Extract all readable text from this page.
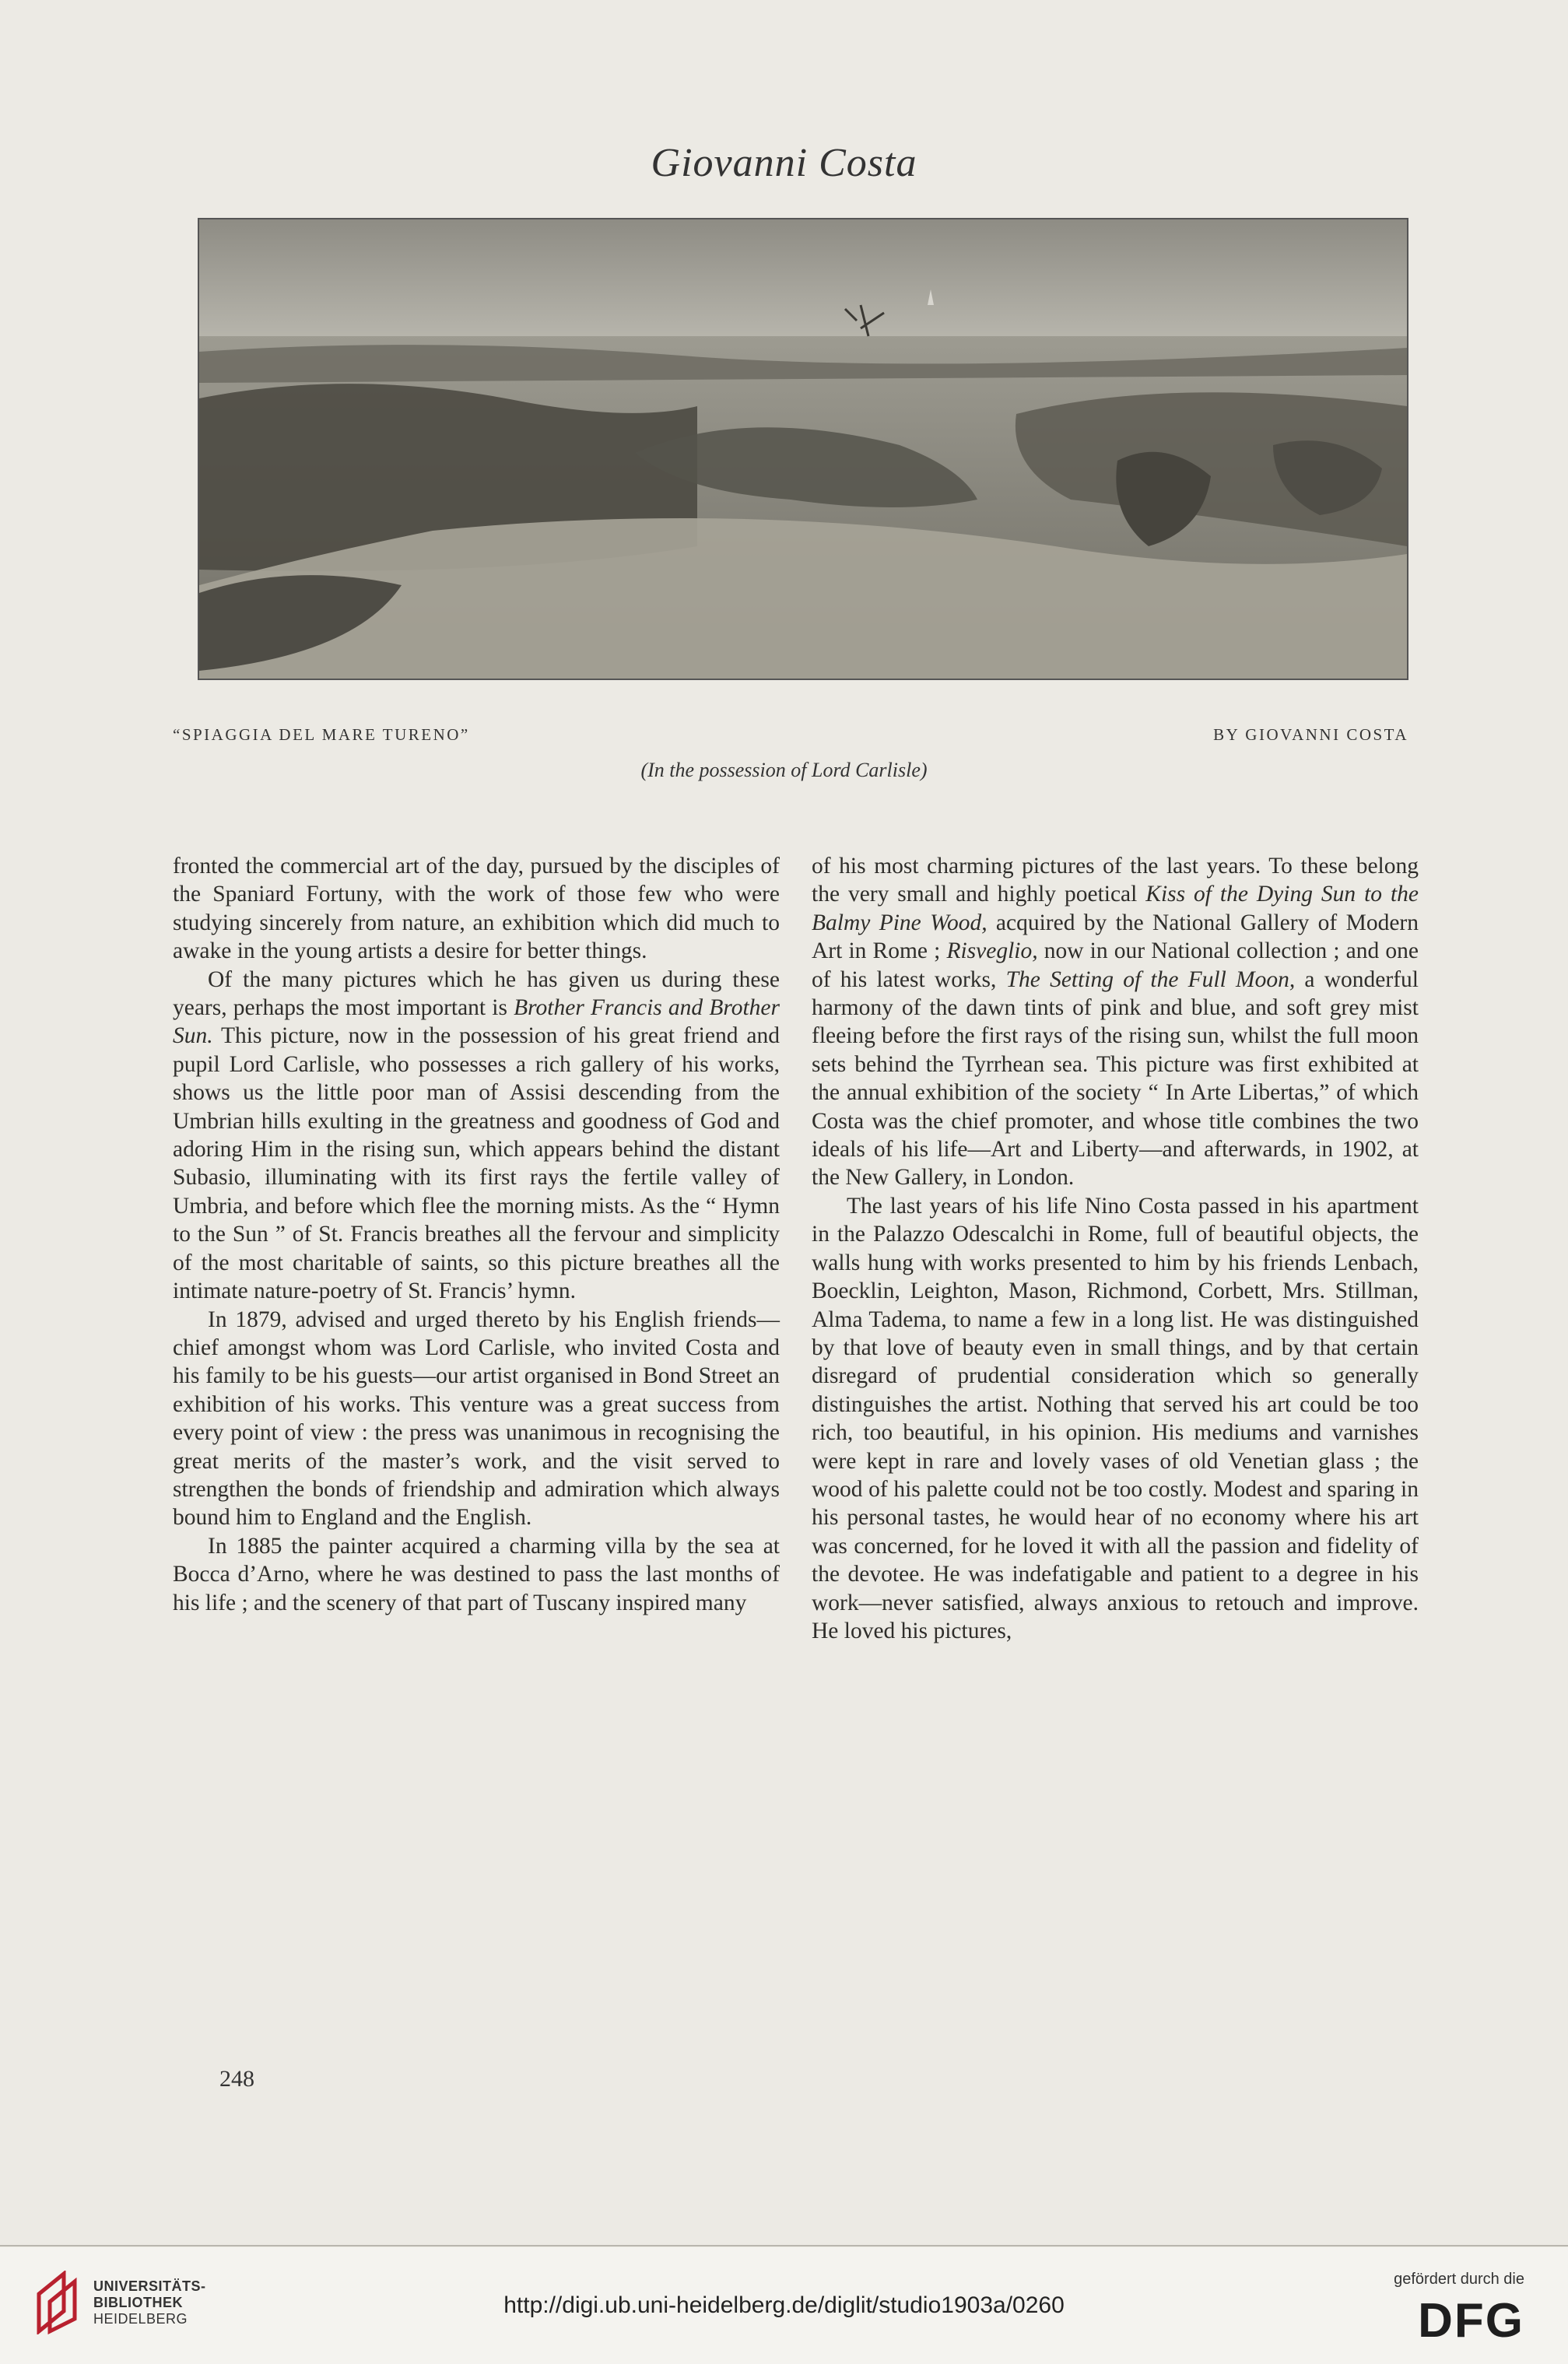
Giovanni Costa
“SPIAGGIA DEL MARE TURENO”	BY GIOVANNI COSTA
(In the possession of Lord Carlisle)

fronted the commercial art of the day, pursued by the disciples of the Spaniard Fortuny, with the work of those few who were studying sincerely from nature, an exhibition which did much to awake in the young artists a desire for better things.

Of the many pictures which he has given us during these years, perhaps the most important is Brother Francis and Brother Sun. This picture, now in the possession of his great friend and pupil Lord Carlisle, who possesses a rich gallery of his works, shows us the little poor man of Assisi descending from the Umbrian hills exulting in the greatness and goodness of God and adoring Him in the rising sun, which appears behind the distant Subasio, illuminating with its first rays the fertile valley of Umbria, and before which flee the morning mists. As the “ Hymn to the Sun ” of St. Francis breathes all the fervour and simplicity of the most charitable of saints, so this picture breathes all the intimate nature-poetry of St. Francis’ hymn.

In 1879, advised and urged thereto by his English friends—chief amongst whom was Lord Carlisle, who invited Costa and his family to be his guests—our artist organised in Bond Street an exhibition of his works. This venture was a great success from every point of view : the press was unanimous in recognising the great merits of the master’s work, and the visit served to strengthen the bonds of friendship and admiration which always bound him to England and the English.

In 1885 the painter acquired a charming villa by the sea at Bocca d’Arno, where he was destined to pass the last months of his life ; and the scenery of that part of Tuscany inspired many

of his most charming pictures of the last years. To these belong the very small and highly poetical Kiss of the Dying Sun to the Balmy Pine Wood, acquired by the National Gallery of Modern Art in Rome ; Risveglio, now in our National collection ; and one of his latest works, The Setting of the Full Moon, a wonderful harmony of the dawn tints of pink and blue, and soft grey mist fleeing before the first rays of the rising sun, whilst the full moon sets behind the Tyrrhean sea. This picture was first exhibited at the annual exhibition of the society “ In Arte Libertas,” of which Costa was the chief promoter, and whose title combines the two ideals of his life—Art and Liberty—and afterwards, in 1902, at the New Gallery, in London.

The last years of his life Nino Costa passed in his apartment in the Palazzo Odescalchi in Rome, full of beautiful objects, the walls hung with works presented to him by his friends Lenbach, Boecklin, Leighton, Mason, Richmond, Corbett, Mrs. Stillman, Alma Tadema, to name a few in a long list. He was distinguished by that love of beauty even in small things, and by that certain disregard of prudential consideration which so generally distinguishes the artist. Nothing that served his art could be too rich, too beautiful, in his opinion. His mediums and varnishes were kept in rare and lovely vases of old Venetian glass ; the wood of his palette could not be too costly. Modest and sparing in his personal tastes, he would hear of no economy where his art was concerned, for he loved it with all the passion and fidelity of the devotee. He was indefatigable and patient to a degree in his work—never satisfied, always anxious to retouch and improve. He loved his pictures,

248
UNIVERSITÄTS-
BIBLIOTHEK
HEIDELBERG
http://digi.ub.uni-heidelberg.de/diglit/studio1903a/0260
gefördert durch die
DFG
